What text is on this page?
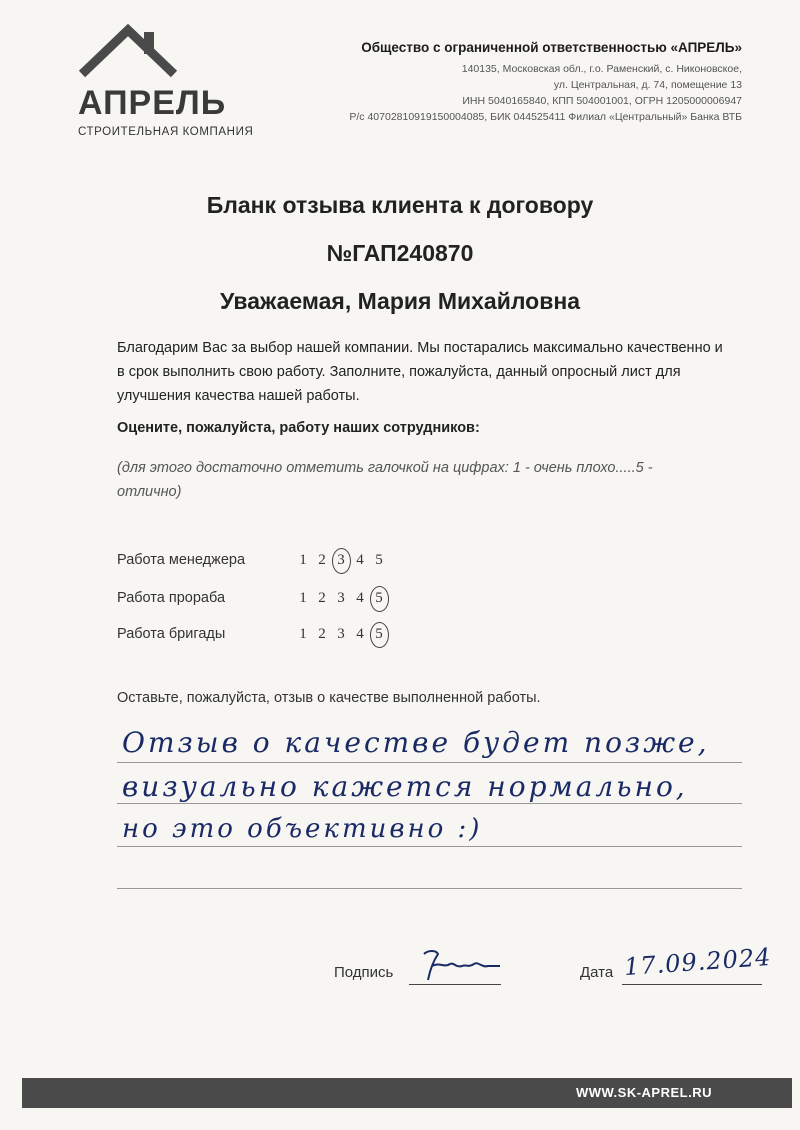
АПРЕЛЬ
СТРОИТЕЛЬНАЯ КОМПАНИЯ
Общество с ограниченной ответственностью «АПРЕЛЬ»
140135, Московская обл., г.о. Раменский, с. Никоновское,
ул. Центральная, д. 74, помещение 13
ИНН 5040165840, КПП 504001001, ОГРН 1205000006947
Р/с 40702810919150004085, БИК 044525411 Филиал «Центральный» Банка ВТБ
Бланк отзыва клиента к договору
№ГАП240870
Уважаемая, Мария Михайловна
Благодарим Вас за выбор нашей компании. Мы постарались максимально качественно и в срок выполнить свою работу. Заполните, пожалуйста, данный опросный лист для улучшения качества нашей работы.
Оцените, пожалуйста, работу наших сотрудников:
(для этого достаточно отметить галочкой на цифрах: 1 - очень плохо.....5 - отлично)
Работа менеджера	1 2 3 4 5
Работа прораба	1 2 3 4 5
Работа бригады	1 2 3 4 5
Оставьте, пожалуйста, отзыв о качестве выполненной работы.
Отзыв о качестве будет позже,
визуально кажется нормально,
но это объективно :)
Подпись	Дата 17.09.2024
WWW.SK-APREL.RU
